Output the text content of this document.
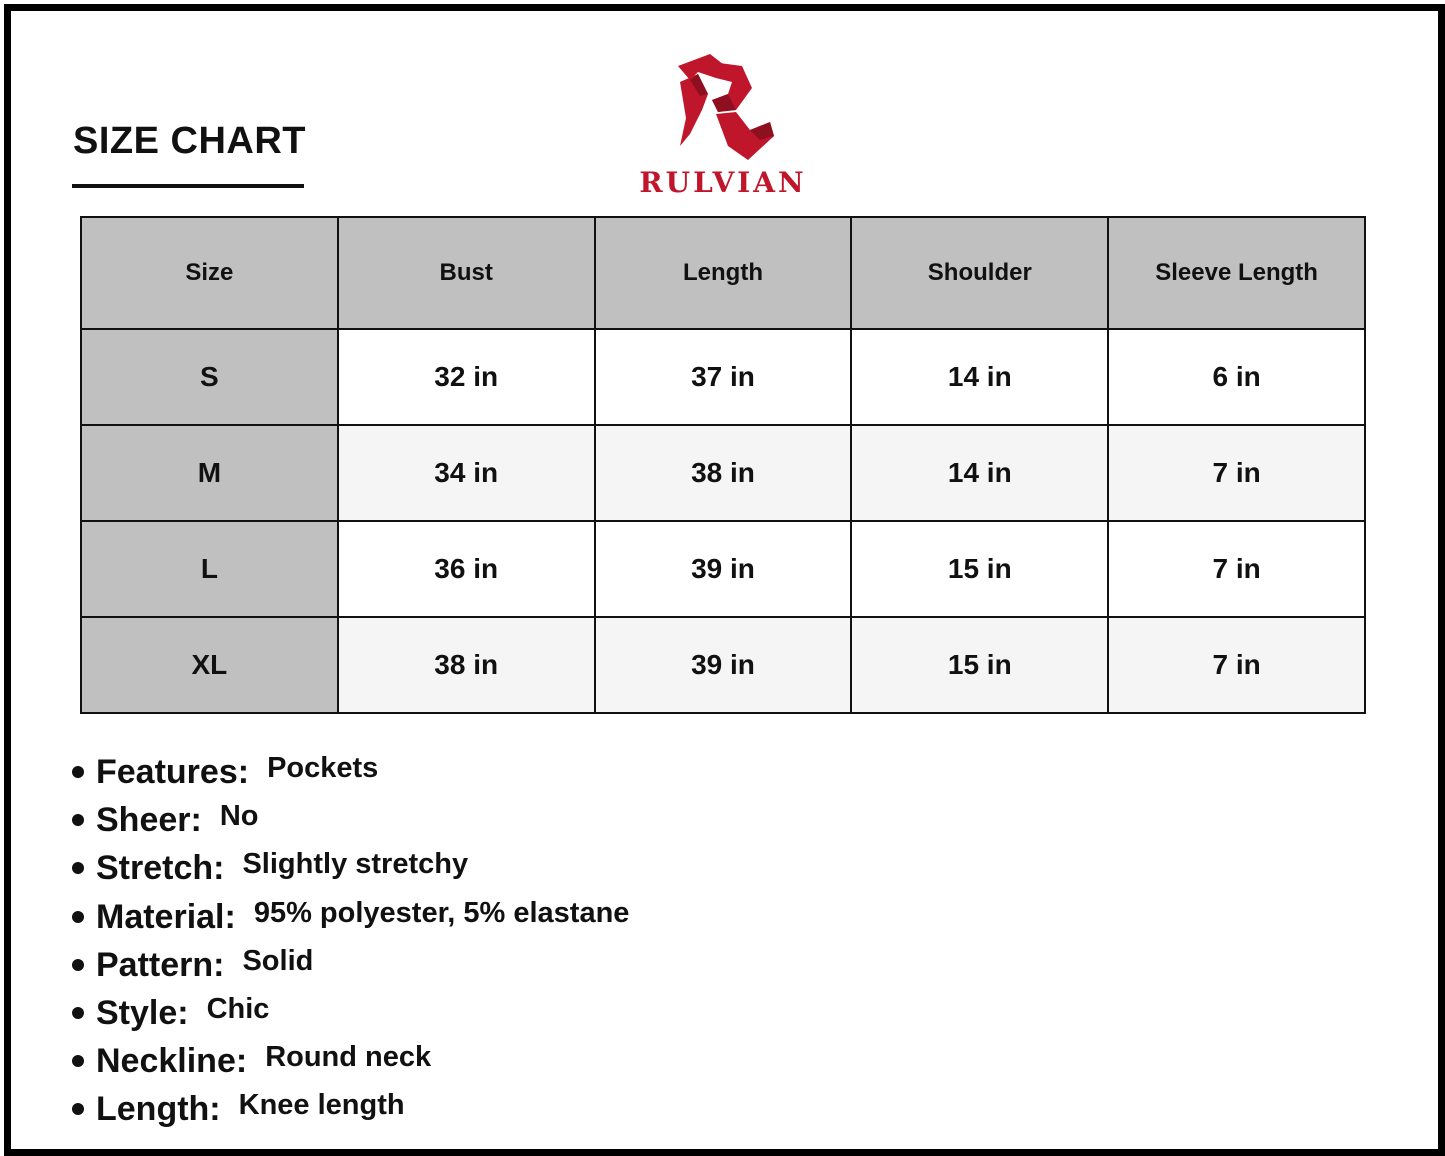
SIZE CHART
RULVIAN
Size	Bust	Length	Shoulder	Sleeve Length
S	32 in	37 in	14 in	6 in
M	34 in	38 in	14 in	7 in
L	36 in	39 in	15 in	7 in
XL	38 in	39 in	15 in	7 in
Features: Pockets
Sheer: No
Stretch: Slightly stretchy
Material: 95% polyester, 5% elastane
Pattern: Solid
Style: Chic
Neckline: Round neck
Length: Knee length
